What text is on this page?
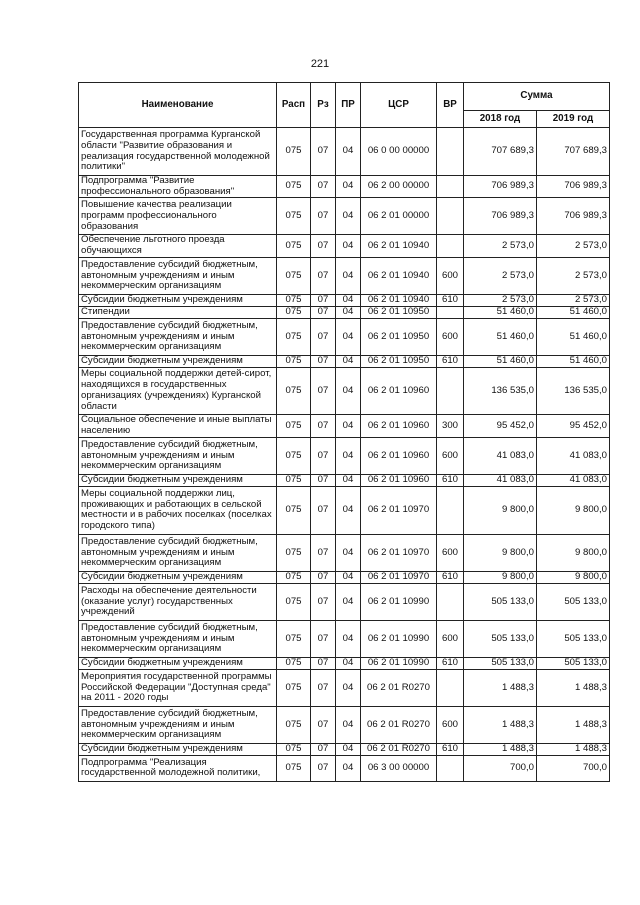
221
Наименование	Расп	Рз	ПР	ЦСР	ВР	Сумма	
						2018 год	2019 год
Государственная программа Курганской области "Развитие образования и реализация государственной молодежной политики"	075	07	04	06 0 00 00000		707 689,3	707 689,3
Подпрограмма "Развитие профессионального образования"	075	07	04	06 2 00 00000		706 989,3	706 989,3
Повышение качества реализации программ профессионального образования	075	07	04	06 2 01 00000		706 989,3	706 989,3
Обеспечение льготного проезда обучающихся	075	07	04	06 2 01 10940		2 573,0	2 573,0
Предоставление субсидий бюджетным, автономным учреждениям и иным некоммерческим организациям	075	07	04	06 2 01 10940	600	2 573,0	2 573,0
Субсидии бюджетным учреждениям	075	07	04	06 2 01 10940	610	2 573,0	2 573,0
Стипендии	075	07	04	06 2 01 10950		51 460,0	51 460,0
Предоставление субсидий бюджетным, автономным учреждениям и иным некоммерческим организациям	075	07	04	06 2 01 10950	600	51 460,0	51 460,0
Субсидии бюджетным учреждениям	075	07	04	06 2 01 10950	610	51 460,0	51 460,0
Меры социальной поддержки детей-сирот, находящихся в государственных организациях (учреждениях) Курганской области	075	07	04	06 2 01 10960		136 535,0	136 535,0
Социальное обеспечение и иные выплаты населению	075	07	04	06 2 01 10960	300	95 452,0	95 452,0
Предоставление субсидий бюджетным, автономным учреждениям и иным некоммерческим организациям	075	07	04	06 2 01 10960	600	41 083,0	41 083,0
Субсидии бюджетным учреждениям	075	07	04	06 2 01 10960	610	41 083,0	41 083,0
Меры социальной поддержки лиц, проживающих и работающих в сельской местности и в рабочих поселках (поселках городского типа)	075	07	04	06 2 01 10970		9 800,0	9 800,0
Предоставление субсидий бюджетным, автономным учреждениям и иным некоммерческим организациям	075	07	04	06 2 01 10970	600	9 800,0	9 800,0
Субсидии бюджетным учреждениям	075	07	04	06 2 01 10970	610	9 800,0	9 800,0
Расходы на обеспечение деятельности (оказание услуг) государственных учреждений	075	07	04	06 2 01 10990		505 133,0	505 133,0
Предоставление субсидий бюджетным, автономным учреждениям и иным некоммерческим организациям	075	07	04	06 2 01 10990	600	505 133,0	505 133,0
Субсидии бюджетным учреждениям	075	07	04	06 2 01 10990	610	505 133,0	505 133,0
Мероприятия государственной программы Российской Федерации "Доступная среда" на 2011 - 2020 годы	075	07	04	06 2 01 R0270		1 488,3	1 488,3
Предоставление субсидий бюджетным, автономным учреждениям и иным некоммерческим организациям	075	07	04	06 2 01 R0270	600	1 488,3	1 488,3
Субсидии бюджетным учреждениям	075	07	04	06 2 01 R0270	610	1 488,3	1 488,3
Подпрограмма "Реализация государственной молодежной политики,	075	07	04	06 3 00 00000		700,0	700,0
